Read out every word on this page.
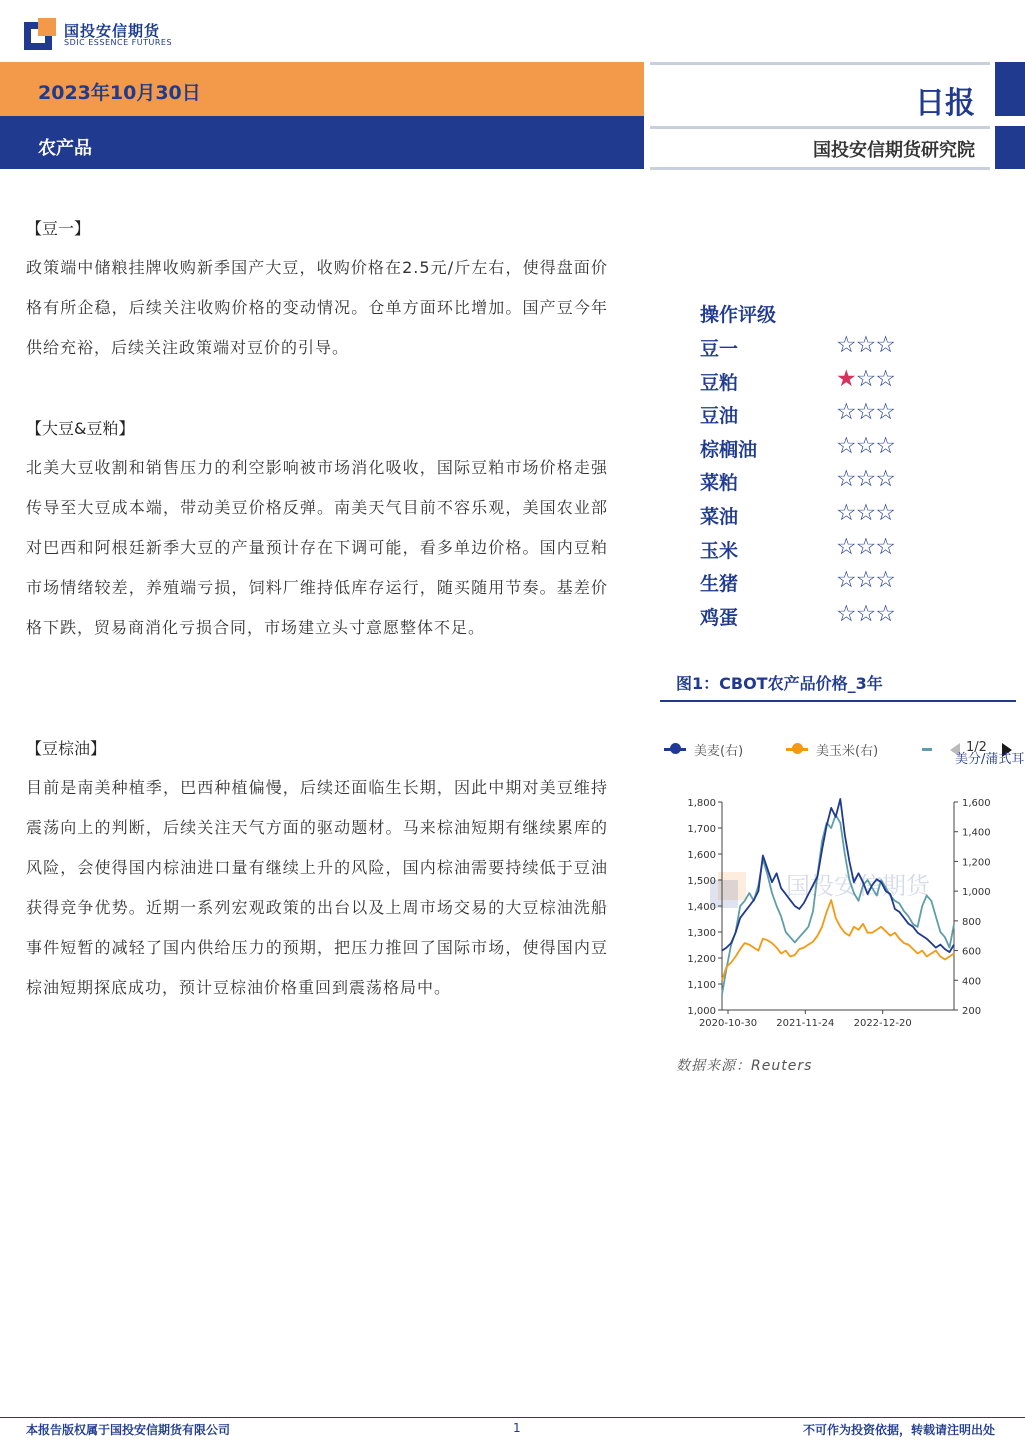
国投安信期货
SDIC ESSENCE FUTURES
2023年10月30日
农产品
日报
国投安信期货研究院
【豆一】
政策端中储粮挂牌收购新季国产大豆，收购价格在2.5元/斤左右，使得盘面价格有所企稳，后续关注收购价格的变动情况。仓单方面环比增加。国产豆今年供给充裕，后续关注政策端对豆价的引导。
【大豆&豆粕】
北美大豆收割和销售压力的利空影响被市场消化吸收，国际豆粕市场价格走强传导至大豆成本端，带动美豆价格反弹。南美天气目前不容乐观，美国农业部对巴西和阿根廷新季大豆的产量预计存在下调可能，看多单边价格。国内豆粕市场情绪较差，养殖端亏损，饲料厂维持低库存运行，随买随用节奏。基差价格下跌，贸易商消化亏损合同，市场建立头寸意愿整体不足。
【豆棕油】
目前是南美种植季，巴西种植偏慢，后续还面临生长期，因此中期对美豆维持震荡向上的判断，后续关注天气方面的驱动题材。马来棕油短期有继续累库的风险，会使得国内棕油进口量有继续上升的风险，国内棕油需要持续低于豆油获得竞争优势。近期一系列宏观政策的出台以及上周市场交易的大豆棕油洗船事件短暂的减轻了国内供给压力的预期，把压力推回了国际市场，使得国内豆棕油短期探底成功，预计豆棕油价格重回到震荡格局中。
操作评级
豆一	☆☆☆
豆粕	★☆☆
豆油	☆☆☆
棕榈油	☆☆☆
菜粕	☆☆☆
菜油	☆☆☆
玉米	☆☆☆
生猪	☆☆☆
鸡蛋	☆☆☆
图1：CBOT农产品价格_3年
美麦(右)	美玉米(右)	1/2
美分/蒲式耳
国投安信期货
1,000
1,100
1,200
1,300
1,400
1,500
1,600
1,700
1,800
200
400
600
800
1,000
1,200
1,400
1,600
2020-10-30 2021-11-24 2022-12-20
数据来源：Reuters
本报告版权属于国投安信期货有限公司	1	不可作为投资依据，转载请注明出处
